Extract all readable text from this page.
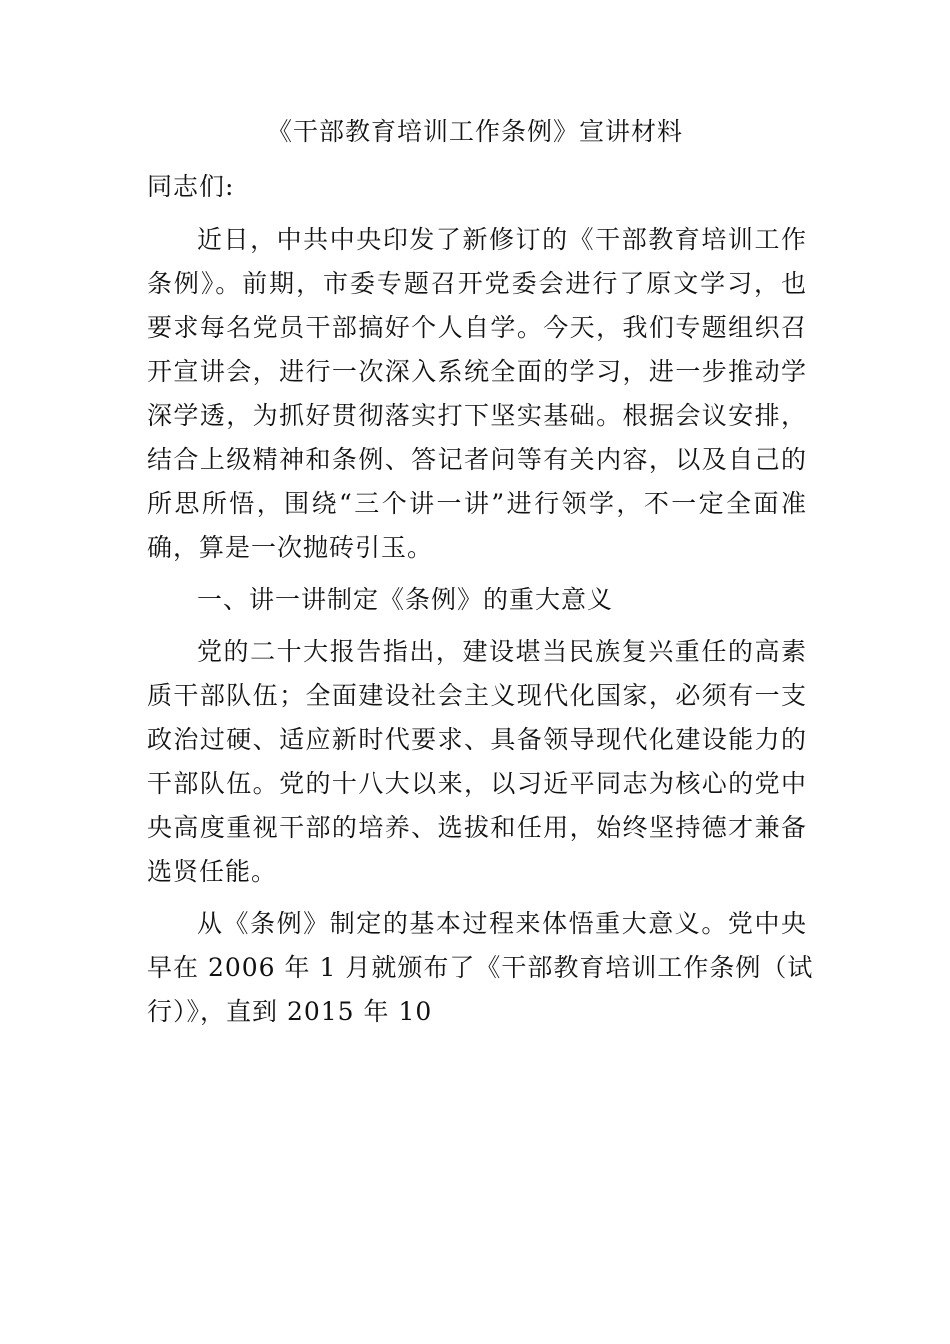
《干部教育培训工作条例》宣讲材料
同志们:
近日，中共中央印发了新修订的《干部教育培训工作
条例》。前期，市委专题召开党委会进行了原文学习，也
要求每名党员干部搞好个人自学。今天，我们专题组织召
开宣讲会，进行一次深入系统全面的学习，进一步推动学
深学透，为抓好贯彻落实打下坚实基础。根据会议安排，
结合上级精神和条例、答记者问等有关内容，以及自己的
所思所悟，围绕“三个讲一讲”进行领学，不一定全面准
确，算是一次抛砖引玉。
一、讲一讲制定《条例》的重大意义
党的二十大报告指出，建设堪当民族复兴重任的高素
质干部队伍；全面建设社会主义现代化国家，必须有一支
政治过硬、适应新时代要求、具备领导现代化建设能力的
干部队伍。党的十八大以来，以习近平同志为核心的党中
央高度重视干部的培养、选拔和任用，始终坚持德才兼备
选贤任能。
从《条例》制定的基本过程来体悟重大意义。党中央
早在 2006 年 1 月就颁布了《干部教育培训工作条例（试
行）》，直到 2015 年 10
